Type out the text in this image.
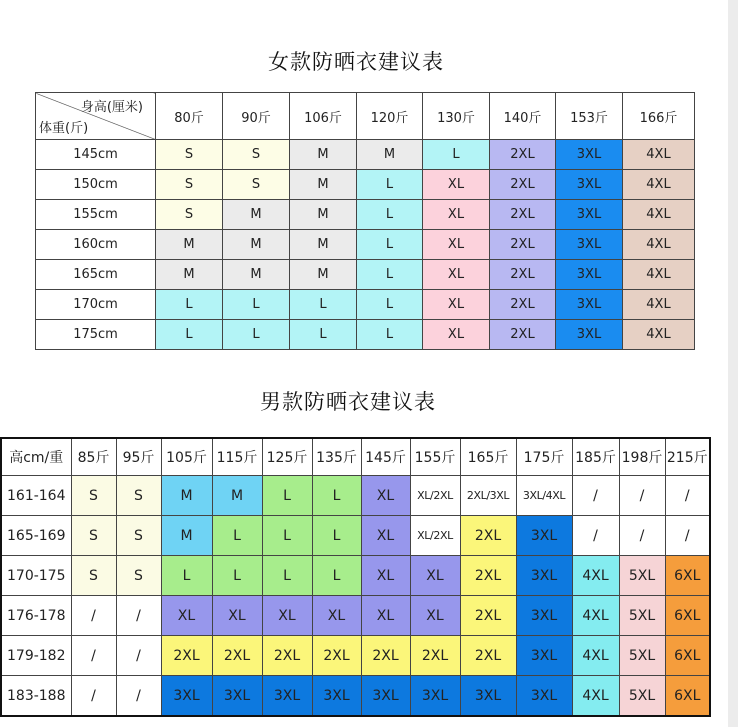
女款防晒衣建议表
身高(厘米)
体重(斤)	80斤	90斤	106斤	120斤	130斤	140斤	153斤	166斤
145cm	S	S	M	M	L	2XL	3XL	4XL
150cm	S	S	M	L	XL	2XL	3XL	4XL
155cm	S	M	M	L	XL	2XL	3XL	4XL
160cm	M	M	M	L	XL	2XL	3XL	4XL
165cm	M	M	M	L	XL	2XL	3XL	4XL
170cm	L	L	L	L	XL	2XL	3XL	4XL
175cm	L	L	L	L	XL	2XL	3XL	4XL
男款防晒衣建议表
高cm/重	85斤	95斤	105斤	115斤	125斤	135斤	145斤	155斤	165斤	175斤	185斤	198斤	215斤
161-164	S	S	M	M	L	L	XL	XL/2XL	2XL/3XL	3XL/4XL	/	/	/
165-169	S	S	M	L	L	L	XL	XL/2XL	2XL	3XL	/	/	/
170-175	S	S	L	L	L	L	XL	XL	2XL	3XL	4XL	5XL	6XL
176-178	/	/	XL	XL	XL	XL	XL	XL	2XL	3XL	4XL	5XL	6XL
179-182	/	/	2XL	2XL	2XL	2XL	2XL	2XL	2XL	3XL	4XL	5XL	6XL
183-188	/	/	3XL	3XL	3XL	3XL	3XL	3XL	3XL	3XL	4XL	5XL	6XL
